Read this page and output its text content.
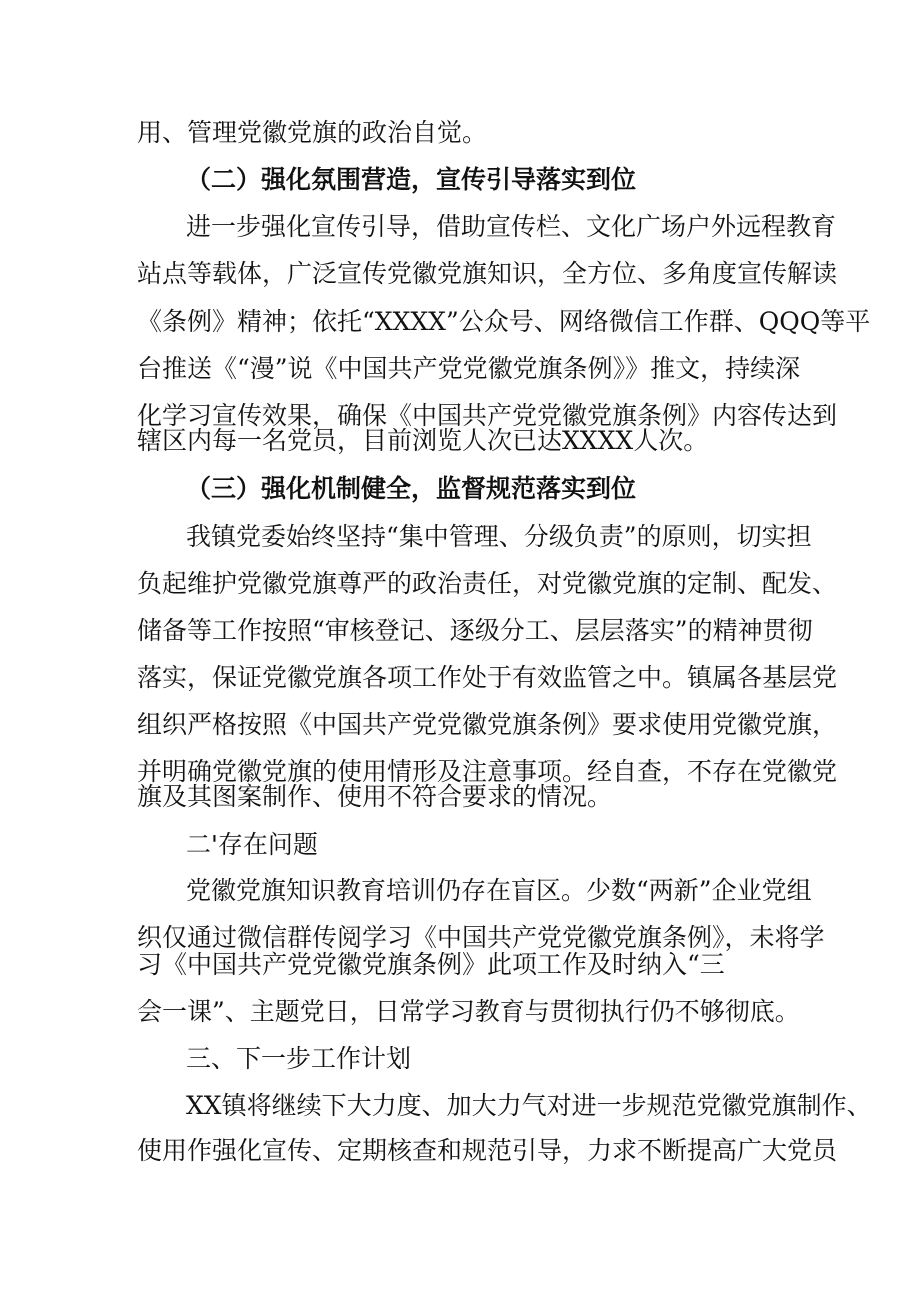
用、管理党徽党旗的政治自觉。
（二）强化氛围营造，宣传引导落实到位
进一步强化宣传引导，借助宣传栏、文化广场户外远程教育
站点等载体，广泛宣传党徽党旗知识，全方位、多角度宣传解读
《条例》精神；依托“XXXX”公众号、网络微信工作群、QQQ等平
台推送《“漫”说《中国共产党党徽党旗条例》》推文，持续深
化学习宣传效果，确保《中国共产党党徽党旗条例》内容传达到
辖区内每一名党员，目前浏览人次已达XXXX人次。
（三）强化机制健全，监督规范落实到位
我镇党委始终坚持“集中管理、分级负责”的原则，切实担
负起维护党徽党旗尊严的政治责任，对党徽党旗的定制、配发、
储备等工作按照“审核登记、逐级分工、层层落实”的精神贯彻
落实，保证党徽党旗各项工作处于有效监管之中。镇属各基层党
组织严格按照《中国共产党党徽党旗条例》要求使用党徽党旗，
并明确党徽党旗的使用情形及注意事项。经自查，不存在党徽党
旗及其图案制作、使用不符合要求的情况。
二'存在问题
党徽党旗知识教育培训仍存在盲区。少数“两新”企业党组
织仅通过微信群传阅学习《中国共产党党徽党旗条例》，未将学
习《中国共产党党徽党旗条例》此项工作及时纳入“三
会一课”、主题党日，日常学习教育与贯彻执行仍不够彻底。
三、下一步工作计划
XX镇将继续下大力度、加大力气对进一步规范党徽党旗制作、
使用作强化宣传、定期核查和规范引导，力求不断提高广大党员
